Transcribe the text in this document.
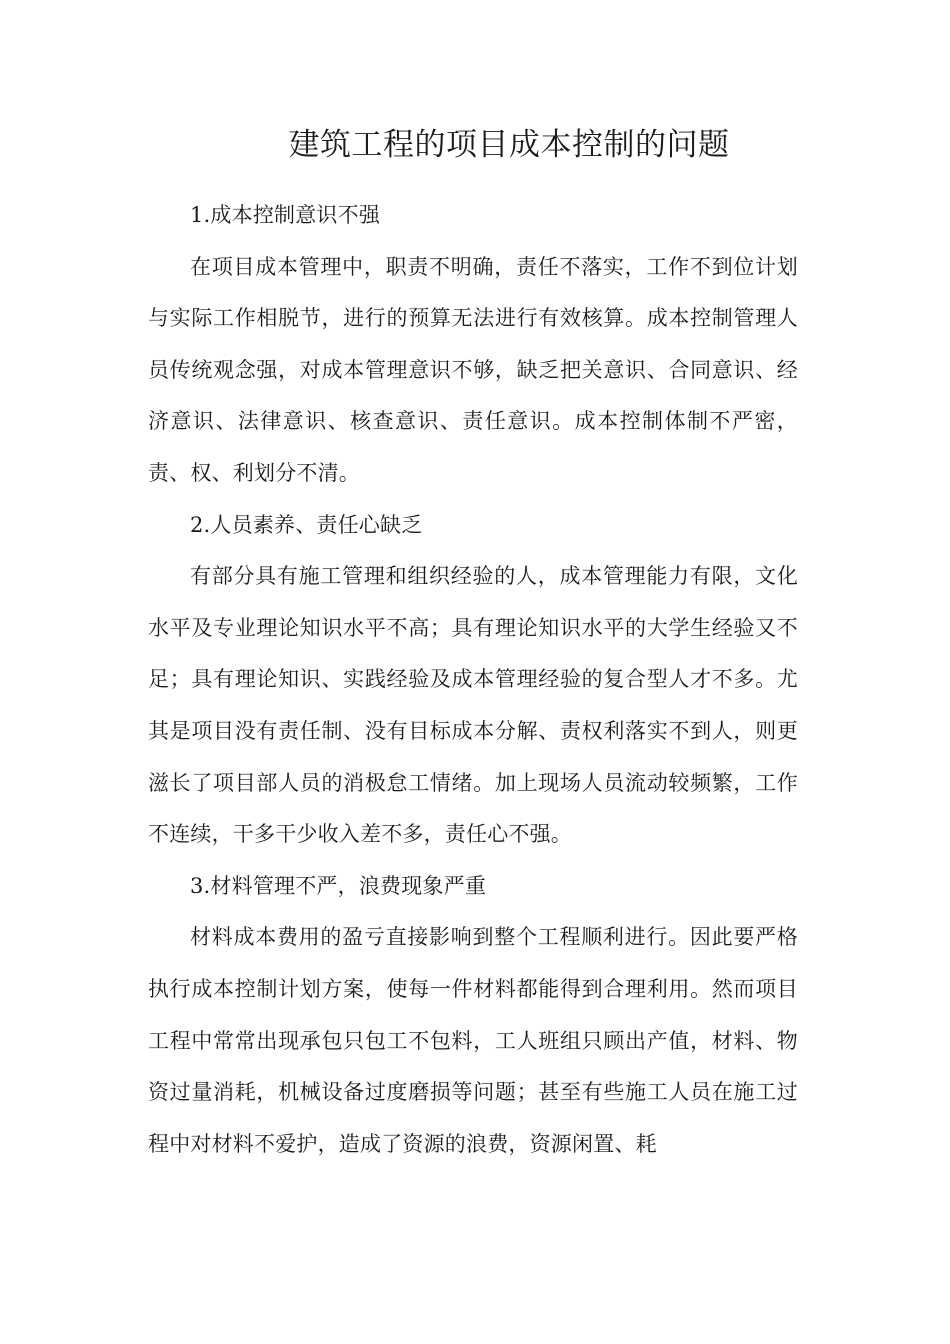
建筑工程的项目成本控制的问题

1.成本控制意识不强

在项目成本管理中，职责不明确，责任不落实，工作不到位计划与实际工作相脱节，进行的预算无法进行有效核算。成本控制管理人员传统观念强，对成本管理意识不够，缺乏把关意识、合同意识、经济意识、法律意识、核查意识、责任意识。成本控制体制不严密，责、权、利划分不清。

2.人员素养、责任心缺乏

有部分具有施工管理和组织经验的人，成本管理能力有限，文化水平及专业理论知识水平不高；具有理论知识水平的大学生经验又不足；具有理论知识、实践经验及成本管理经验的复合型人才不多。尤其是项目没有责任制、没有目标成本分解、责权利落实不到人，则更滋长了项目部人员的消极怠工情绪。加上现场人员流动较频繁，工作不连续，干多干少收入差不多，责任心不强。

3.材料管理不严，浪费现象严重

材料成本费用的盈亏直接影响到整个工程顺利进行。因此要严格执行成本控制计划方案，使每一件材料都能得到合理利用。然而项目工程中常常出现承包只包工不包料，工人班组只顾出产值，材料、物资过量消耗，机械设备过度磨损等问题；甚至有些施工人员在施工过程中对材料不爱护，造成了资源的浪费，资源闲置、耗
